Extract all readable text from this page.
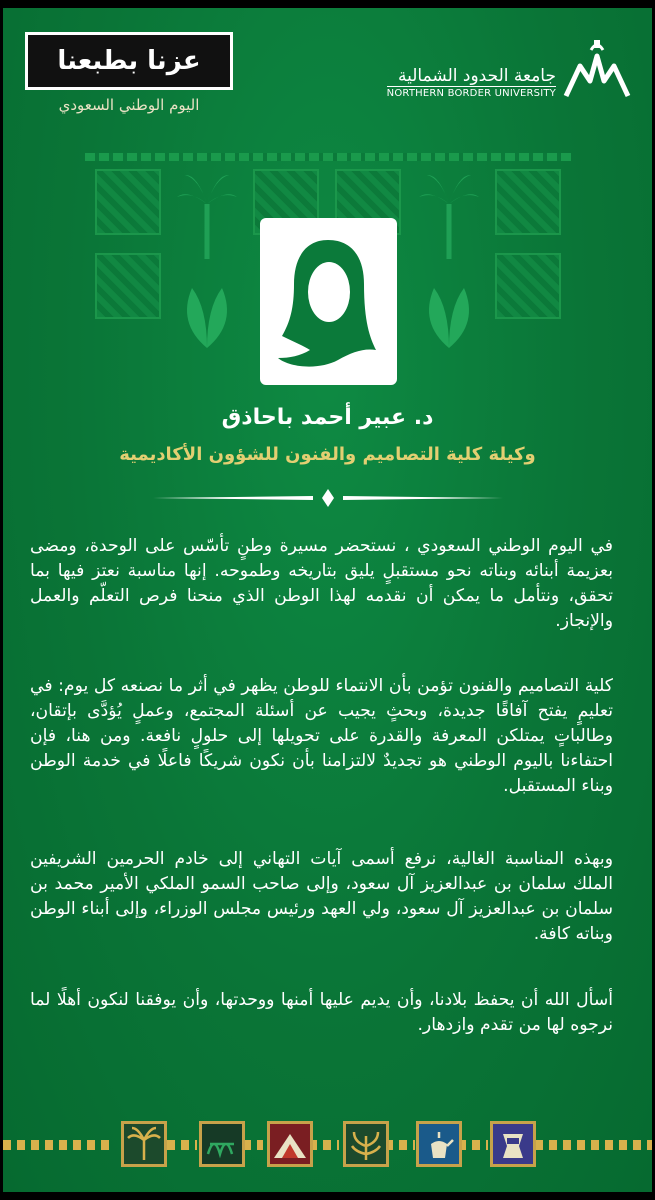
عزنا بطبعنا
اليوم الوطني السعودي
جامعة الحدود الشمالية
NORTHERN BORDER UNIVERSITY
د. عبير أحمد باحاذق
وكيلة كلية التصاميم والفنون للشؤون الأكاديمية
في اليوم الوطني السعودي ، نستحضر مسيرة وطنٍ تأسّس على الوحدة، ومضى بعزيمة أبنائه وبناته نحو مستقبلٍ يليق بتاريخه وطموحه. إنها مناسبة نعتز فيها بما تحقق، ونتأمل ما يمكن أن نقدمه لهذا الوطن الذي منحنا فرص التعلّم والعمل والإنجاز.
كلية التصاميم والفنون تؤمن بأن الانتماء للوطن يظهر في أثر ما نصنعه كل يوم: في تعليمٍ يفتح آفاقًا جديدة، وبحثٍ يجيب عن أسئلة المجتمع، وعملٍ يُؤدَّى بإتقان، وطالباتٍ يمتلكن المعرفة والقدرة على تحويلها إلى حلولٍ نافعة. ومن هنا، فإن احتفاءنا باليوم الوطني هو تجديدٌ لالتزامنا بأن نكون شريكًا فاعلًا في خدمة الوطن وبناء المستقبل.
وبهذه المناسبة الغالية، نرفع أسمى آيات التهاني إلى خادم الحرمين الشريفين الملك سلمان بن عبدالعزيز آل سعود، وإلى صاحب السمو الملكي الأمير محمد بن سلمان بن عبدالعزيز آل سعود، ولي العهد ورئيس مجلس الوزراء، وإلى أبناء الوطن وبناته كافة.
أسأل الله أن يحفظ بلادنا، وأن يديم عليها أمنها ووحدتها، وأن يوفقنا لنكون أهلًا لما نرجوه لها من تقدم وازدهار.
